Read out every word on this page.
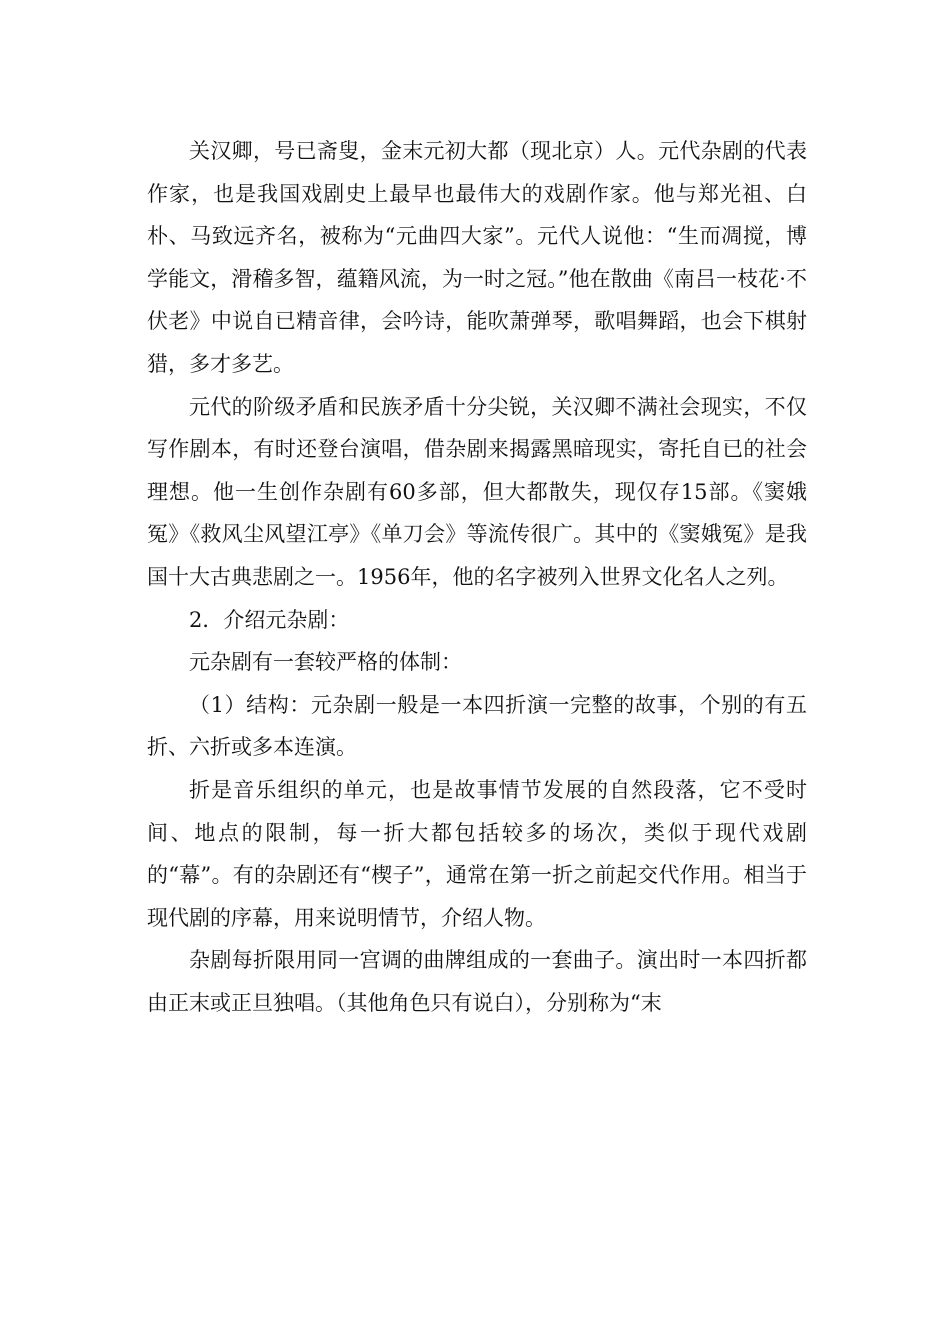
关汉卿，号已斋叟，金末元初大都（现北京）人。元代杂剧的代表作家，也是我国戏剧史上最早也最伟大的戏剧作家。他与郑光祖、白朴、马致远齐名，被称为“元曲四大家”。元代人说他：“生而凋搅，博学能文，滑稽多智，蕴籍风流，为一时之冠。”他在散曲《南吕一枝花·不伏老》中说自已精音律，会吟诗，能吹萧弹琴，歌唱舞蹈，也会下棋射猎，多才多艺。

元代的阶级矛盾和民族矛盾十分尖锐，关汉卿不满社会现实，不仅写作剧本，有时还登台演唱，借杂剧来揭露黑暗现实，寄托自已的社会理想。他一生创作杂剧有60多部，但大都散失，现仅存15部。《窦娥冤》《救风尘风望江亭》《单刀会》等流传很广。其中的《窦娥冤》是我国十大古典悲剧之一。1956年，他的名字被列入世界文化名人之列。

2．介绍元杂剧：

元杂剧有一套较严格的体制：

（1）结构：元杂剧一般是一本四折演一完整的故事，个别的有五折、六折或多本连演。

折是音乐组织的单元，也是故事情节发展的自然段落，它不受时间、地点的限制，每一折大都包括较多的场次，类似于现代戏剧的“幕”。有的杂剧还有“楔子”，通常在第一折之前起交代作用。相当于现代剧的序幕，用来说明情节，介绍人物。

杂剧每折限用同一宫调的曲牌组成的一套曲子。演出时一本四折都由正末或正旦独唱。（其他角色只有说白），分别称为“末
